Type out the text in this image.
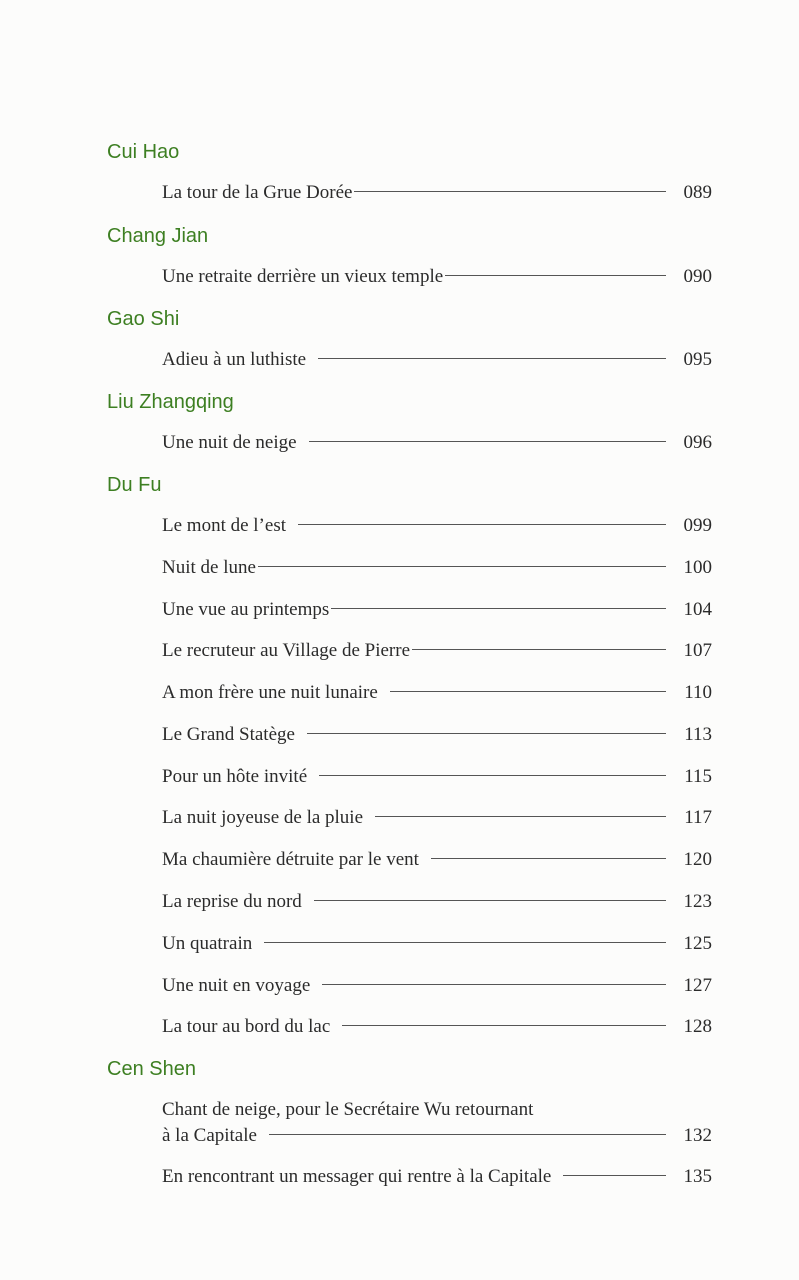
Cui Hao
La tour de la Grue Dorée	089
Chang Jian
Une retraite derrière un vieux temple	090
Gao Shi
Adieu à un luthiste	095
Liu Zhangqing
Une nuit de neige	096
Du Fu
Le mont de l’est	099
Nuit de lune	100
Une vue au printemps	104
Le recruteur au Village de Pierre	107
A mon frère une nuit lunaire	110
Le Grand Statège	113
Pour un hôte invité	115
La nuit joyeuse de la pluie	117
Ma chaumière détruite par le vent	120
La reprise du nord	123
Un quatrain	125
Une nuit en voyage	127
La tour au bord du lac	128
Cen Shen
Chant de neige, pour le Secrétaire Wu retournant
à la Capitale	132
En rencontrant un messager qui rentre à la Capitale	135
